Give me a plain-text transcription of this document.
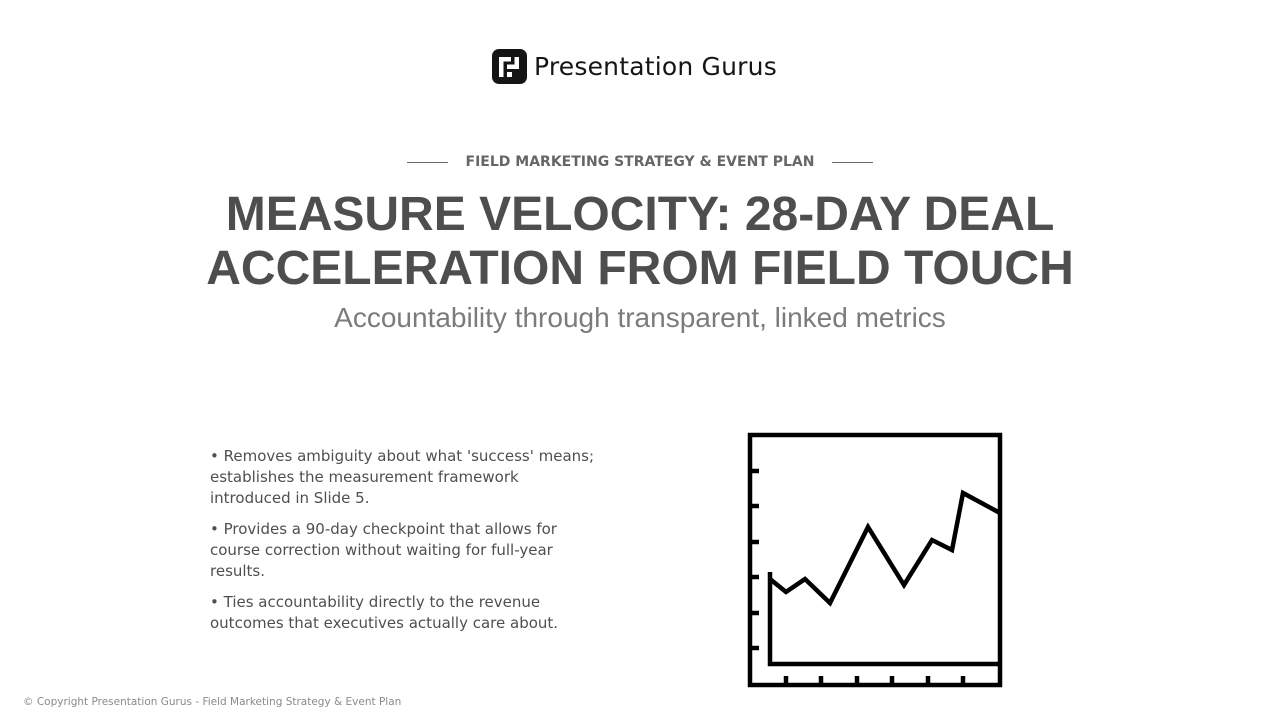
Presentation Gurus
FIELD MARKETING STRATEGY & EVENT PLAN
MEASURE VELOCITY: 28-DAY DEAL ACCELERATION FROM FIELD TOUCH
Accountability through transparent, linked metrics

• Removes ambiguity about what 'success' means; establishes the measurement framework introduced in Slide 5.

• Provides a 90-day checkpoint that allows for course correction without waiting for full-year results.

• Ties accountability directly to the revenue outcomes that executives actually care about.

© Copyright Presentation Gurus - Field Marketing Strategy & Event Plan
